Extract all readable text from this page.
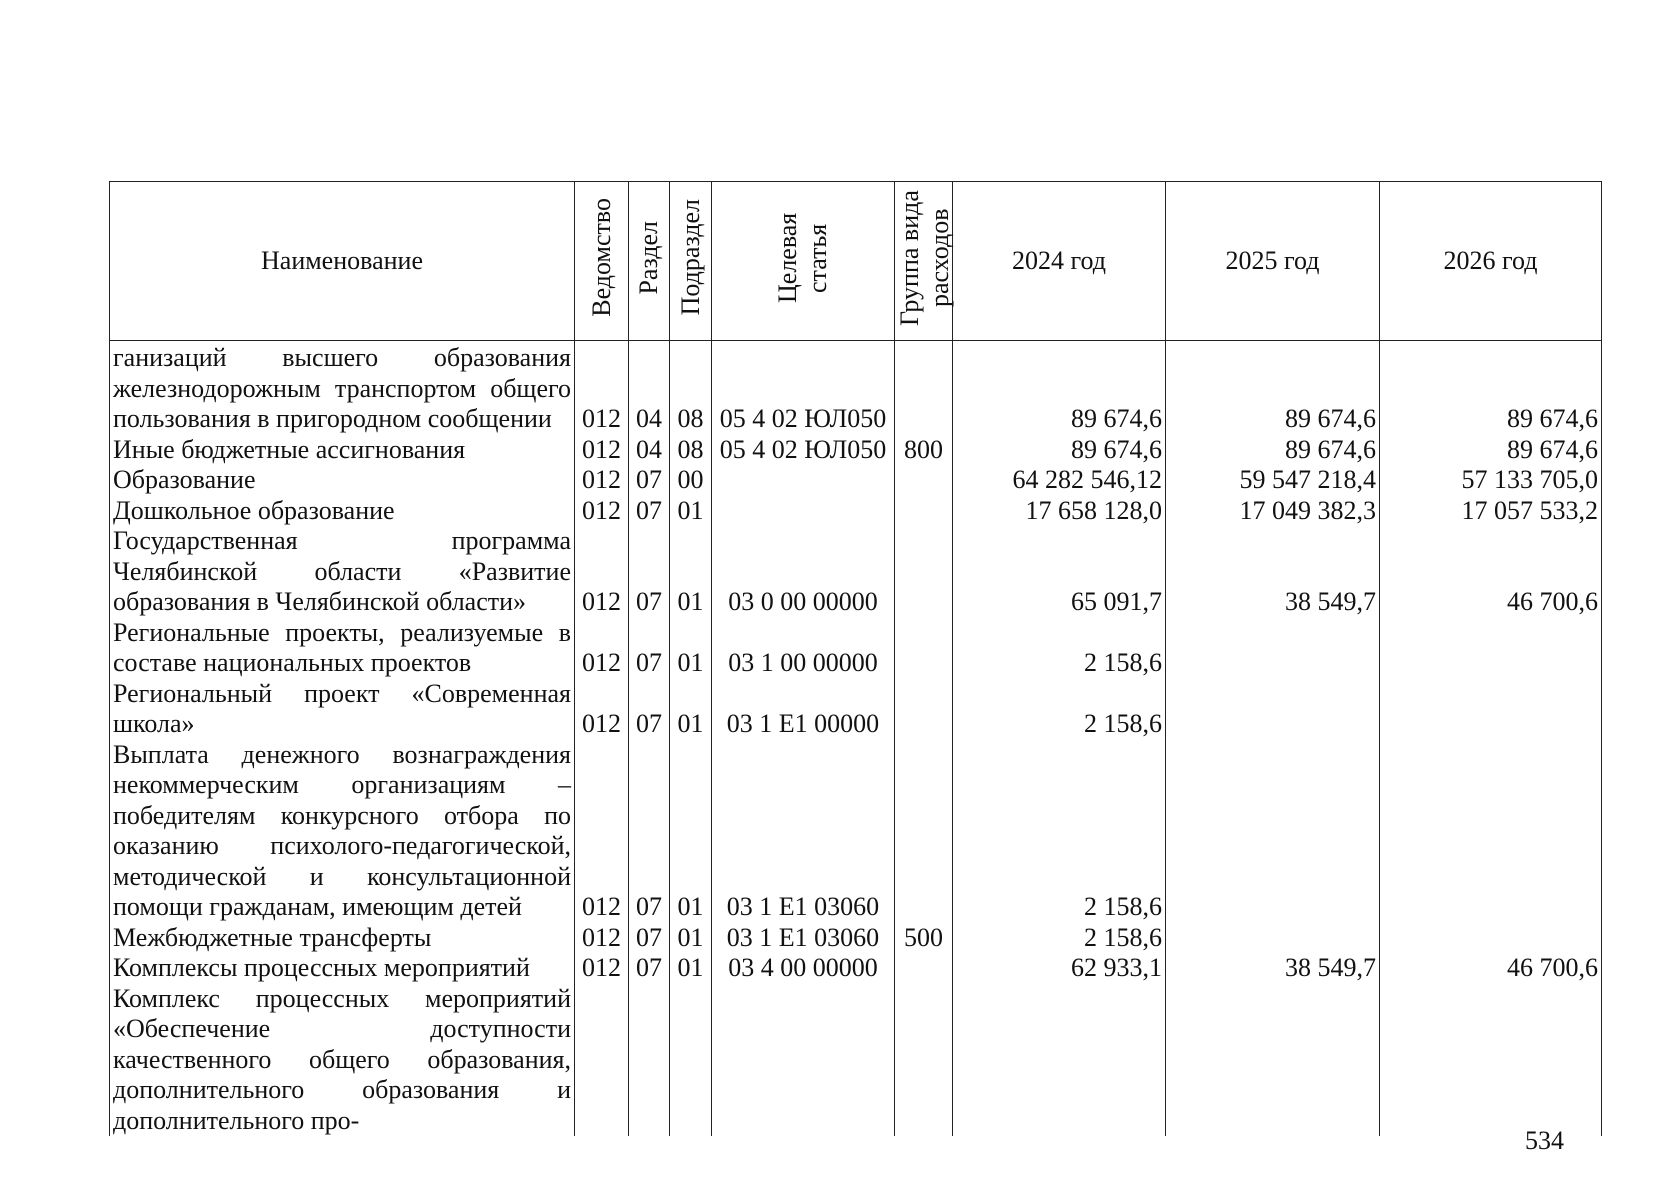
Наименование	Ведомство	Раздел	Подраздел	Целевая статья	Группа вида расходов	2024 год	2025 год	2026 год
ганизаций высшего образования железнодорожным транспортом общего пользования в пригородном сообщении	012	04	08	05 4 02 ЮЛ050		89 674,6	89 674,6	89 674,6
Иные бюджетные ассигнования	012	04	08	05 4 02 ЮЛ050	800	89 674,6	89 674,6	89 674,6
Образование	012	07	00			64 282 546,12	59 547 218,4	57 133 705,0
Дошкольное образование	012	07	01			17 658 128,0	17 049 382,3	17 057 533,2
Государственная программа Челябинской области «Развитие образования в Челябинской области»	012	07	01	03 0 00 00000		65 091,7	38 549,7	46 700,6
Региональные проекты, реализуемые в составе национальных проектов	012	07	01	03 1 00 00000		2 158,6		
Региональный проект «Современная школа»	012	07	01	03 1 Е1 00000		2 158,6		
Выплата денежного вознаграждения некоммерческим организациям – победителям конкурсного отбора по оказанию психолого-педагогической, методической и консультационной помощи гражданам, имеющим детей	012	07	01	03 1 Е1 03060		2 158,6		
Межбюджетные трансферты	012	07	01	03 1 Е1 03060	500	2 158,6		
Комплексы процессных мероприятий	012	07	01	03 4 00 00000		62 933,1	38 549,7	46 700,6
Комплекс процессных мероприятий «Обеспечение доступности качественного общего образования, дополнительного образования и дополнительного про-								
534
